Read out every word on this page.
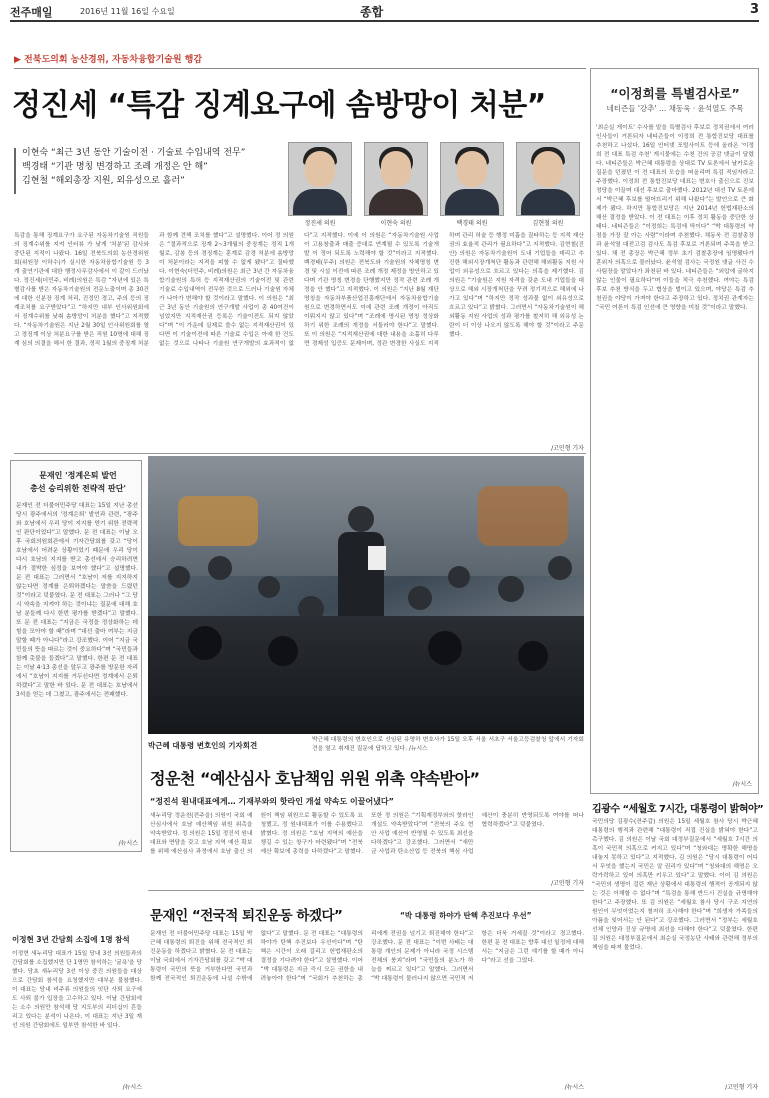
전주매일	2016년 11월 16일 수요일	종합	3
▶ 전북도의회 농산경위, 자동차융합기술원 행감
정진세 “특감 징계요구에 솜방망이 처분”
이현숙 “최근 3년 동안 기술이전 · 기술료 수입내역 전무”
백경태 “기관 명칭 변경하고 조례 개정은 안 해”
김현철 “해외총장 지원, 외유성으로 흘러”
정진세 의원	이현숙 의원	백경태 의원	김현철 의원
특감을 통해 징계요구가 요구된 자동차기술원 직원들의 징계수위를 지켜 인터뷰 가 낮게 '처분'된 감사와 중단된 지적이 나왔다. 16일 전북도의회 농산경위원회(위원장 이하수)가 실시한 자동차융합기술원 등 3개 출연기관에 대한 행정사무감사에서 이 같이 드러났다. 정진세(더민주, 비례)의원은 특감 “자년에 있은 특별감사를 받은 자동차기술원의 전문노출이며 총 30건에 대한 신분장 징계 처리, 진정민 경고, 주의 등의 징계조치를 요구받았다”고 “하지만 내부 인사위원회에서 징계수위를 낮춰 솜방망이 처분을 했다”고 지적했다. “자동차기술원은 지난 2월 30일 인사위원회를 열고 경징계 이상 처분요구를 받은 직원 10명에 대해 징계 심의 의결을 해서 한 결과, 정직 1월의 중징계 처분과 함께 견책 조치를 했다”고 설명했다. 이어 정 의원은 “결과적으로 징계 2~3개월의 중징계는 정직 1개월로, 감봉 등의 경징계는 훈계로 감경 처분에 솜방망이 처분이라는 지적을 피할 수 없게 됐다”고 질타했다. 이현숙(더민주, 비례)의원은 최근 3년 간 자동차융합기술원의 특허 등 지적재산권의 기술이전 및 관련 기술료 수입내역이 전무한 것으로 드러나 기술원 자체가 나아가 변해야 할 것이라고 말했다. 이 의원은 “최근 3년 동안 기술원의 연구개발 사업이 총 40여건이 넘었지만 지적재산권 등록은 기술이전도 되지 않았다”며 “이 가운데 실제로 쓸수 없는 지적재산권이 있다면 이 기술이전에 따른 기술료 수입은 아예 한 건도 없는 것으로 나타나 기술원 연구개발의 효과적이 없다”고 지적했다. 이에 이 의원은 “자동차기술원 사업이 고용창출과 매출 증대로 연계될 수 있도록 기술개발 이 정어 되도록 노력해야 할 것”이라고 지적했다. 백경태(무주) 의원은 전북도와 기술원의 자체명칭 변경 및 시설 이전에 따른 조례 개정 제정을 방안하고 있다며 기관 명칭 변경을 단행했지만 정작 관련 조례 개정을 안 했다”고 지적했다. 이 의원은 “지난 8월 재단 명칭을 자동차부품산업진흥재단에서 자동차융합기술원으로 변경하면서도 이에 관련 조례 개정이 아직도 이뤄지지 않고 있다”며 “조례에 명시된 명칭 정상화 하기 위한 조례의 개정을 서둘러야 한다”고 말했다. 또 이 의원은 “지적재산권에 대한 내용을 소홀히 다루면 경제성 입증도 문제이며, 정관 변경한 사실도 지적하며 관리 허술 등 행정 미흡을 질타하는 등 지적 재산권의 효율적 관리가 필요하다”고 지적했다. 김현철(진안) 의원은 자동차기술원이 도내 기업들을 데리고 추진한 해외시장개척단 활동과 관련해 해외활동 지원 사업이 외유성으로 흐르고 있다는 의혹을 제기했다. 김 의원은 “기술원은 지원 자격을 갖춘 도내 기업들을 대상으로 해외 시장개척단을 꾸려 정기적으로 해외에 나가고 있다”며 “하지만 정작 성과물 없이 외유성으로 흐르고 있다”고 밝혔다. 그러면서 “자동차기술원이 해외활동 지원 사업의 성과 평가를 철저히 해 외유성 논란이 더 이상 나오지 않도록 해야 할 것”이라고 주문했다.
/고민형 기자
“이정희를 특별검사로”
네티즌들 '강추' … 채동욱 · 윤석열도 주목
'최순실 게이트' 수사를 맡을 특별검사 후보로 정치권에서 여러 인사들이 거론되자 네티즌들이 이정희 전 통합진보당 대표를 추천하고 나섰다. 16일 인터넷 포털사이트 등에 올라온 '이정희 전 대표 특검 추천' 게시물에는 수천 건의 공감 댓글이 달렸다. 네티즌들은 박근혜 대통령을 상대로 TV 토론에서 날카로운 질문을 던졌던 이 전 대표의 모습을 떠올리며 특검 적임자라고 주장했다. 이정희 전 통합진보당 대표는 변호사 출신으로 진보정당을 이끌며 대선 후보로 출마했다. 2012년 대선 TV 토론에서 “박근혜 후보를 떨어뜨리기 위해 나왔다”는 발언으로 큰 화제가 됐다. 하지만 통합진보당은 지난 2014년 헌법재판소의 해산 결정을 받았다. 이 전 대표는 이후 정치 활동을 중단한 상태다. 네티즌들은 “이정희는 특검에 딱이다” “박 대통령의 약점을 가장 잘 아는 사람”이라며 추천했다. 채동욱 전 검찰총장과 윤석열 대전고검 검사도 특검 후보로 거론되며 주목을 받고 있다. 채 전 총장은 박근혜 정부 초기 검찰총장에 임명됐다가 혼외자 의혹으로 물러났다. 윤석열 검사는 국정원 댓글 사건 수사팀장을 맡았다가 좌천된 바 있다. 네티즌들은 “외압에 굴하지 않는 인물이 필요하다”며 이들을 적극 추천했다. 여야는 특검 후보 추천 방식을 두고 협상을 벌이고 있으며, 야당은 특검 추천권을 야당이 가져야 한다고 주장하고 있다. 정치권 관계자는 “국민 여론이 특검 인선에 큰 영향을 미칠 것”이라고 말했다.
/뉴시스
문재인 '정계은퇴 발언
총선 승리위한 전략적 판단'
문재인 전 더불어민주당 대표는 15일 지난 총선 당시 광주에서의 '정계은퇴' 발언과 관련, “광주와 호남에서 우리 당이 지지를 얻기 위한 전략적인 판단이었다”고 말했다. 문 전 대표는 이날 오후 국회의원회관에서 기자간담회를 갖고 “당이 호남에서 어려운 상황이었기 때문에 우리 당이 다시 호남의 지지를 받고 총선에서 승리하려면 내가 절박한 심정을 보여야 했다”고 설명했다. 문 전 대표는 그러면서 “호남이 저를 지지하지 않는다면 정계를 은퇴하겠다는 말씀을 드렸던 것”이라고 덧붙였다. 문 전 대표는 그러나 “그 당시 약속을 지켜야 하는 것이냐는 질문에 대해 호남 분들께 다시 한번 평가를 받겠다”고 말했다. 또 문 전 대표는 “지금은 국정을 정상화하는 데 힘을 모아야 할 때”라며 “대선 출마 여부는 지금 말할 때가 아니다”라고 강조했다. 이어 “지금 국민들의 뜻을 따르는 것이 중요하다”며 “국민들과 함께 촛불을 들겠다”고 말했다. 한편 문 전 대표는 이날 4·13 총선을 앞두고 광주를 방문한 자리에서 “호남이 지지를 거두신다면 정계에서 은퇴하겠다”고 말한 바 있다. 문 전 대표는 호남에서 3석을 얻는 데 그쳤고, 광주에서는 전패했다.
/뉴시스
박근혜 대통령 변호인의 기자회견
박근혜 대통령의 변호인으로 선임된 유영하 변호사가 15일 오후 서울 서초구 서울고등검찰청 앞에서 기자회견을 열고 취재진 질문에 답하고 있다. /뉴시스
정운천 “예산심사 호남책임 위원 위촉 약속받아”
“정진석 원내대표에게… 기재부와의 핫라인 개설 약속도 이끌어냈다”
새누리당 정운천(전주을) 의원이 국회 예산심사에서 호남 예산책임 위원 위촉을 약속받았다. 정 의원은 15일 정진석 원내대표와 면담을 갖고 호남 지역 예산 확보를 위해 예산심사 과정에서 호남 출신 의원이 책임 위원으로 활동할 수 있도록 요청했고, 정 원내대표가 이를 수용했다고 밝혔다. 정 의원은 “호남 지역의 예산을 챙길 수 있는 창구가 마련됐다”며 “전북 예산 확보에 총력을 다하겠다”고 말했다. 또한 정 의원은 “기획재정부와의 핫라인 개설도 약속받았다”며 “전북의 주요 현안 사업 예산이 반영될 수 있도록 최선을 다하겠다”고 강조했다. 그러면서 “새만금 사업과 탄소산업 등 전북의 핵심 사업 예산이 충분히 반영되도록 여야를 떠나 협력하겠다”고 덧붙였다.
/고민형 기자
이정현 3년 간담회 소집에 1명 참석
이정현 새누리당 대표가 15일 당내 3선 의원들과의 간담회를 소집했지만 단 1명만 참석하는 '굴욕'을 당했다. 당초 새누리당 3선 이상 중진 의원들을 대상으로 간담회 참석을 요청했지만 대부분 불참했다. 이 대표는 당내 비주류 의원들의 잇단 사퇴 요구에도 사퇴 불가 입장을 고수하고 있다. 이날 간담회에는 소수 의원만 참석해 당 지도부의 리더십이 흔들리고 있다는 분석이 나온다. 이 대표는 지난 3일 재선 의원 간담회에도 일부만 참석한 바 있다.
/뉴시스
문재인 “전국적 퇴진운동 하겠다”	“박 대통령 하야가 탄핵 추진보다 우선”
문재인 전 더불어민주당 대표는 15일 박근혜 대통령의 퇴진을 위해 전국적인 퇴진운동을 하겠다고 밝혔다. 문 전 대표는 이날 국회에서 기자간담회를 갖고 “박 대통령이 국민의 뜻을 거부한다면 국민과 함께 전국적인 퇴진운동에 나설 수밖에 없다”고 말했다. 문 전 대표는 “대통령의 하야가 탄핵 추진보다 우선이다”며 “탄핵은 시간이 오래 걸리고 헌법재판소의 결정을 기다려야 한다”고 설명했다. 이어 “박 대통령은 지금 즉시 모든 권한을 내려놓아야 한다”며 “국회가 추천하는 총리에게 전권을 넘기고 퇴진해야 한다”고 강조했다. 문 전 대표는 “이번 사태는 대통령 개인의 문제가 아니라 국정 시스템 전체의 붕괴”라며 “국민들의 분노가 하늘을 찌르고 있다”고 말했다. 그러면서 “박 대통령이 물러나지 않으면 국민적 저항은 더욱 거세질 것”이라고 경고했다. 한편 문 전 대표는 향후 대선 일정에 대해서는 “지금은 그런 얘기를 할 때가 아니다”라고 선을 그었다.
/뉴시스
김광수 “세월호 7시간, 대통령이 밝혀야”
국민의당 김광수(전주갑) 의원은 15일 세월호 참사 당시 박근혜 대통령의 행적과 관련해 “대통령이 직접 진실을 밝혀야 한다”고 촉구했다. 김 의원은 이날 국회 대정부질문에서 “세월호 7시간 의혹이 국민적 의혹으로 커지고 있다”며 “청와대는 명확한 해명을 내놓지 못하고 있다”고 지적했다. 김 의원은 “당시 대통령이 어디서 무엇을 했는지 국민은 알 권리가 있다”며 “청와대의 해명은 오락가락하고 있어 의혹만 키우고 있다”고 말했다. 이어 김 의원은 “국민의 생명이 걸린 재난 상황에서 대통령의 행적이 공개되지 않는 것은 이해할 수 없다”며 “특검을 통해 반드시 진실을 규명해야 한다”고 주장했다. 또 김 의원은 “세월호 참사 당시 구조 지연의 원인이 무엇이었는지 철저히 조사해야 한다”며 “희생자 가족들의 아픔을 잊어서는 안 된다”고 강조했다. 그러면서 “정부는 세월호 선체 인양과 진상 규명에 최선을 다해야 한다”고 덧붙였다. 한편 김 의원은 대정부질문에서 최순실 국정농단 사태와 관련해 정부의 책임을 따져 물었다.
/고민형 기자
